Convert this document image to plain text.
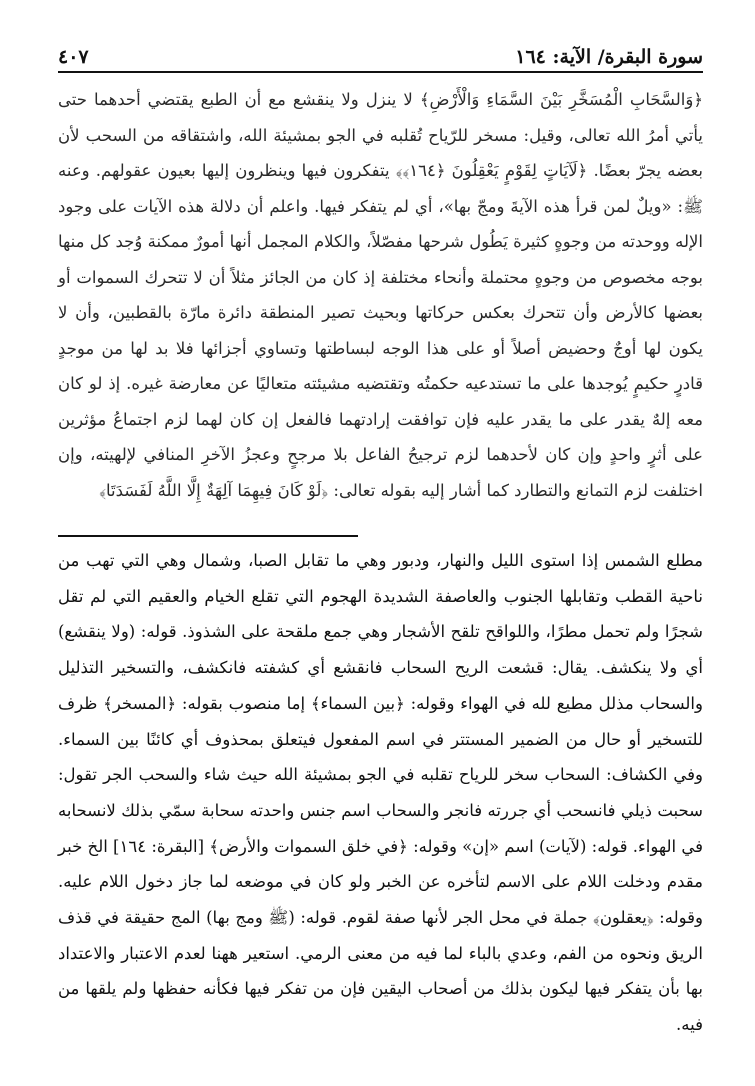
سورة البقرة/ الآية: ١٦٤
٤٠٧

﴿وَالسَّحَابِ الْمُسَخَّرِ بَيْنَ السَّمَاءِ وَالْأَرْضِ﴾ لا ينزل ولا ينقشع مع أن الطبع يقتضي أحدهما حتى يأتي أمرُ الله تعالى، وقيل: مسخر للرّياح تُقلبه في الجو بمشيئة الله، واشتقاقه من السحب لأن بعضه يجرّ بعضًا. ﴿لَآيَاتٍ لِقَوْمٍ يَعْقِلُونَ ﴿١٦٤﴾﴾ يتفكرون فيها وينظرون إليها بعيون عقولهم. وعنه ﷺ: «ويلٌ لمن قرأ هذه الآيةَ ومجّ بها»، أي لم يتفكر فيها. واعلم أن دلالة هذه الآيات على وجود الإله ووحدته من وجوهٍ كثيرة يَطُول شرحها مفصّلاً، والكلام المجمل أنها أمورٌ ممكنة وُجد كل منها بوجه مخصوص من وجوهٍ محتملة وأنحاء مختلفة إذ كان من الجائز مثلاً أن لا تتحرك السموات أو بعضها كالأرض وأن تتحرك بعكس حركاتها وبحيث تصير المنطقة دائرة مارّة بالقطبين، وأن لا يكون لها أوجٌ وحضيض أصلاً أو على هذا الوجه لبساطتها وتساوي أجزائها فلا بد لها من موجدٍ قادرٍ حكيمٍ يُوجدها على ما تستدعيه حكمتُه وتقتضيه مشيئته متعاليًا عن معارضة غيره. إذ لو كان معه إلهٌ يقدر على ما يقدر عليه فإن توافقت إرادتهما فالفعل إن كان لهما لزم اجتماعُ مؤثرين على أثرٍ واحدٍ وإن كان لأحدهما لزم ترجيحُ الفاعل بلا مرجحٍ وعجزُ الآخرِ المنافي لإلهيته، وإن اختلفت لزم التمانع والتطارد كما أشار إليه بقوله تعالى: ﴿لَوْ كَانَ فِيهِمَا آلِهَةٌ إِلَّا اللَّهُ لَفَسَدَتَا﴾

مطلع الشمس إذا استوى الليل والنهار، ودبور وهي ما تقابل الصبا، وشمال وهي التي تهب من ناحية القطب وتقابلها الجنوب والعاصفة الشديدة الهجوم التي تقلع الخيام والعقيم التي لم تقل شجرًا ولم تحمل مطرًا، واللواقح تلقح الأشجار وهي جمع ملقحة على الشذوذ. قوله: (ولا ينقشع) أي ولا ينكشف. يقال: قشعت الريح السحاب فانقشع أي كشفته فانكشف، والتسخير التذليل والسحاب مذلل مطيع لله في الهواء وقوله: ﴿بين السماء﴾ إما منصوب بقوله: ﴿المسخر﴾ ظرف للتسخير أو حال من الضمير المستتر في اسم المفعول فيتعلق بمحذوف أي كائنًا بين السماء. وفي الكشاف: السحاب سخر للرياح تقلبه في الجو بمشيئة الله حيث شاء والسحب الجر تقول: سحبت ذيلي فانسحب أي جررته فانجر والسحاب اسم جنس واحدته سحابة سمّي بذلك لانسحابه في الهواء. قوله: (لآيات) اسم «إن» وقوله: ﴿في خلق السموات والأرض﴾ [البقرة: ١٦٤] الخ خبر مقدم ودخلت اللام على الاسم لتأخره عن الخبر ولو كان في موضعه لما جاز دخول اللام عليه. وقوله: ﴿يعقلون﴾ جملة في محل الجر لأنها صفة لقوم. قوله: (ﷺ ومج بها) المج حقيقة في قذف الريق ونحوه من الفم، وعدي بالباء لما فيه من معنى الرمي. استعير ههنا لعدم الاعتبار والاعتداد بها بأن يتفكر فيها ليكون بذلك من أصحاب اليقين فإن من تفكر فيها فكأنه حفظها ولم يلقها من فيه.
